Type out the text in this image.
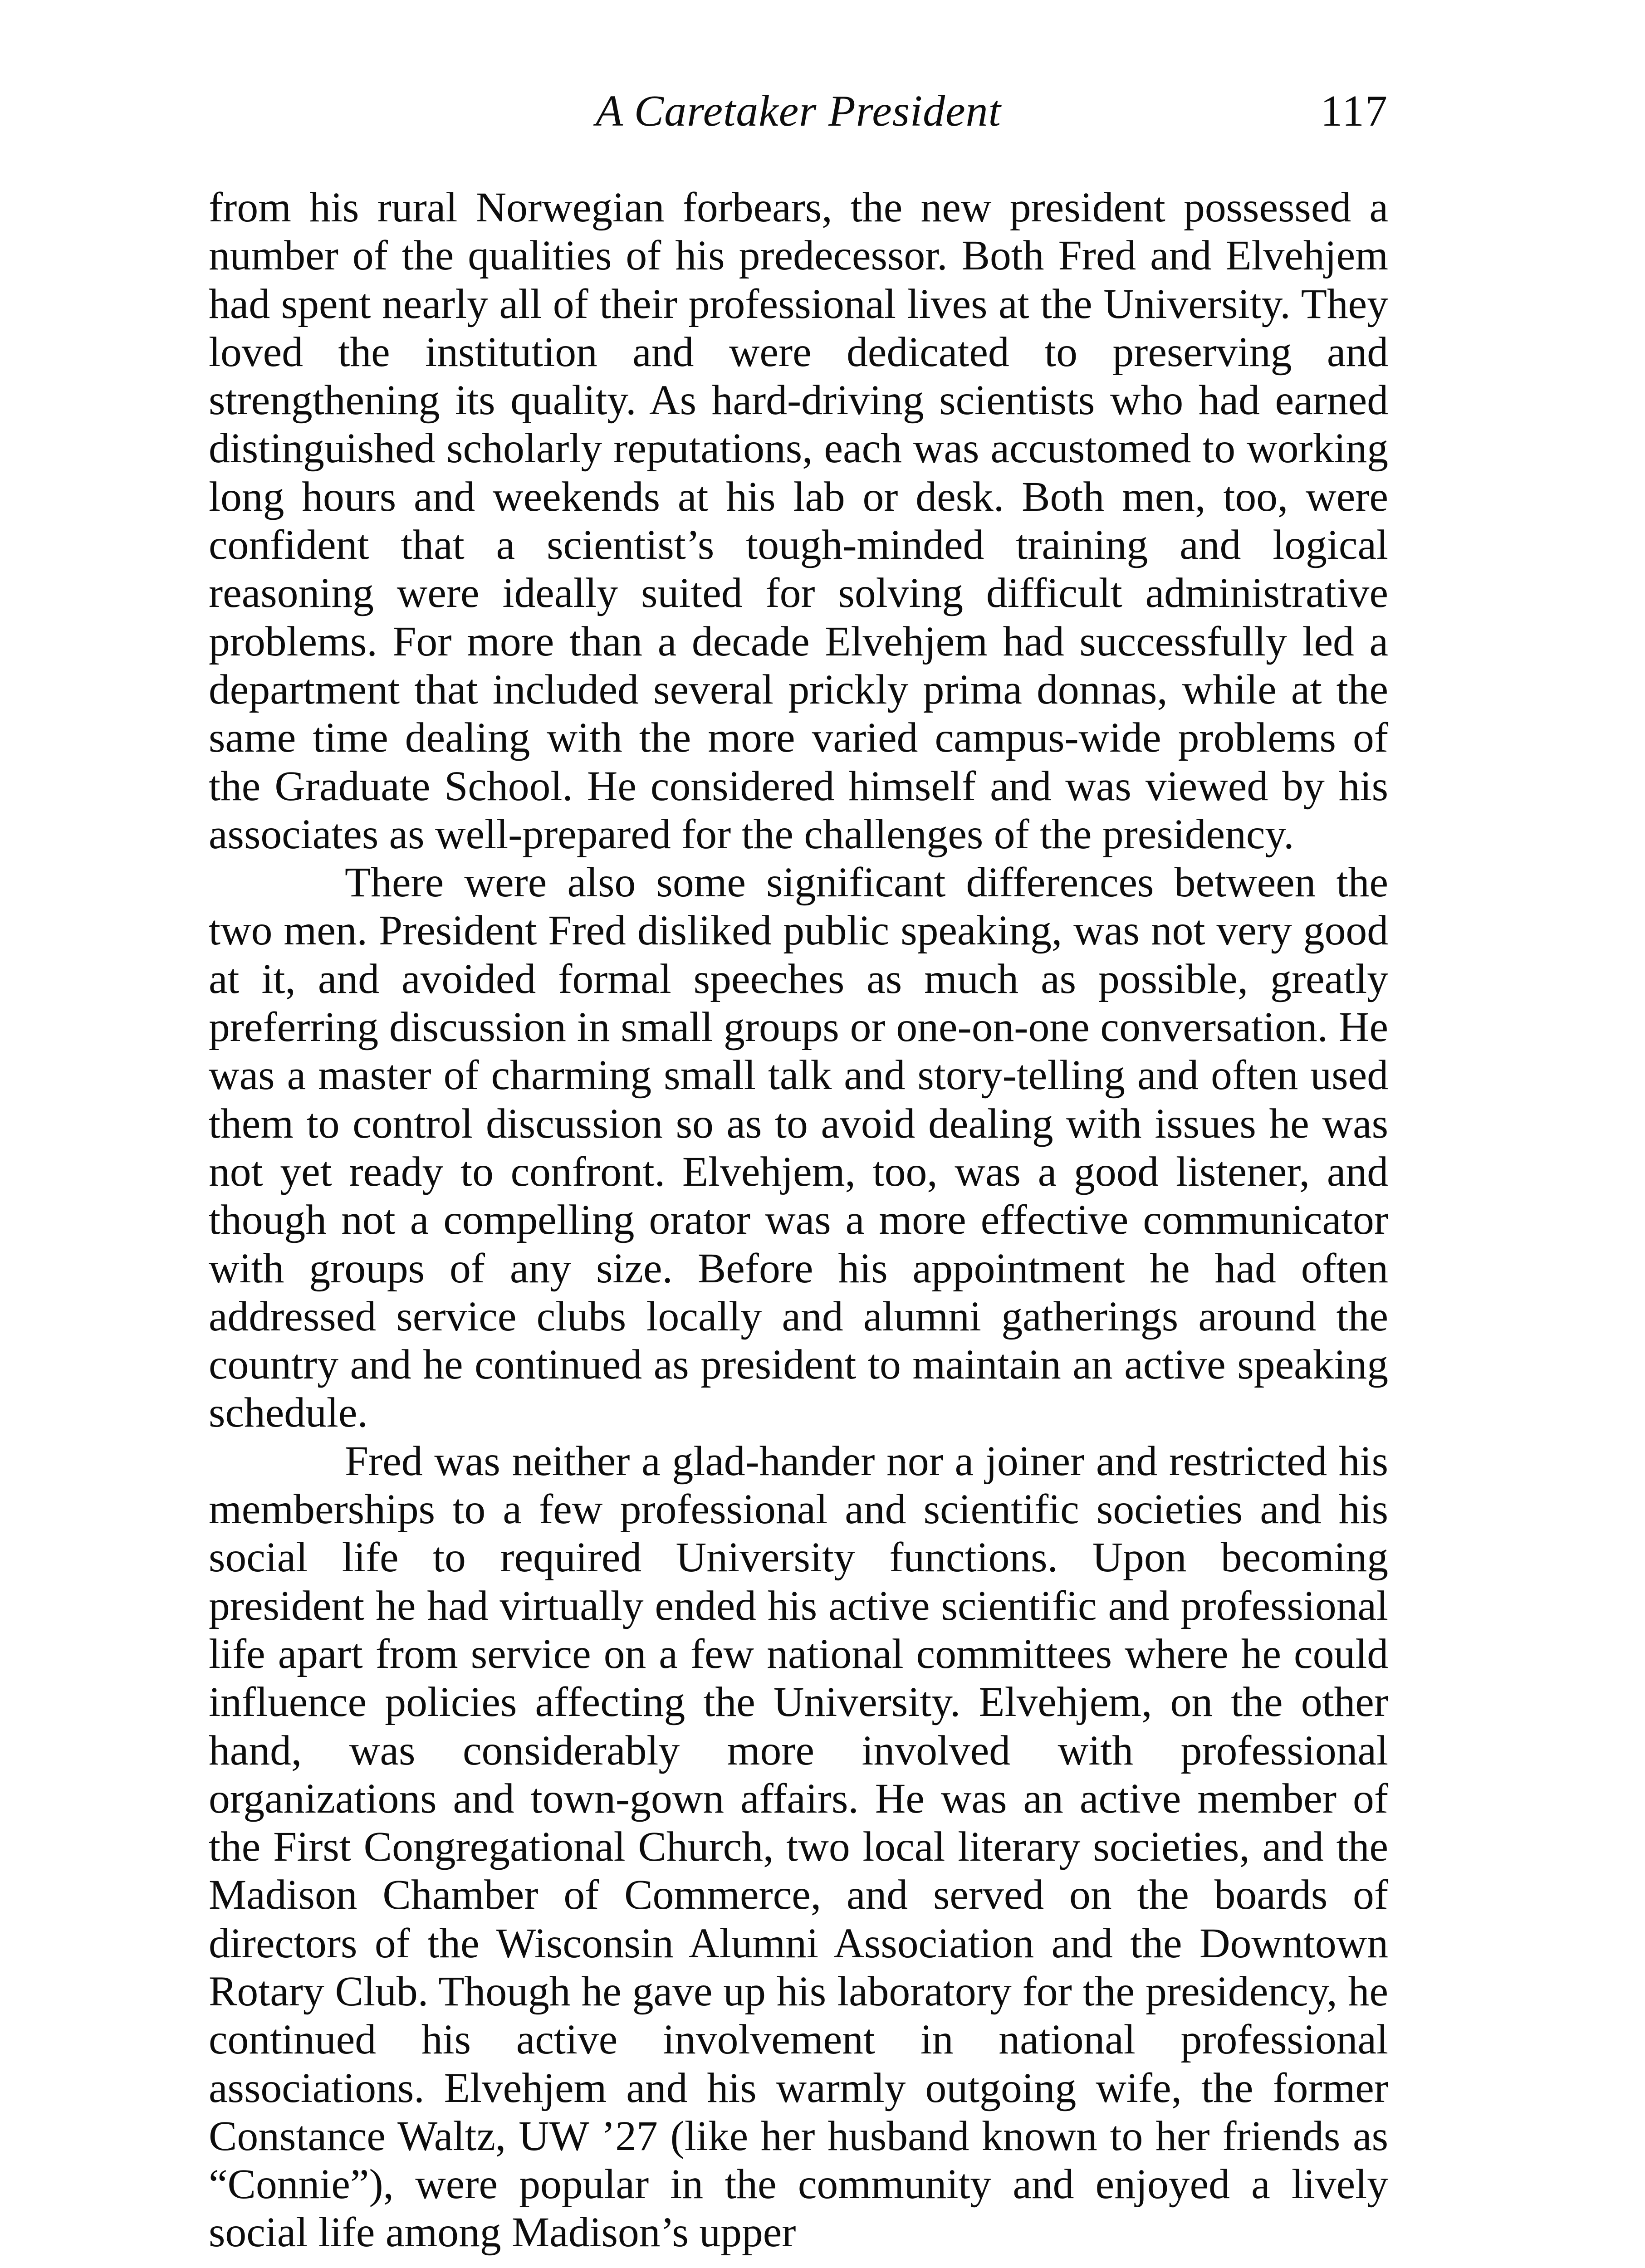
A Caretaker President	117

from his rural Norwegian forbears, the new president possessed a number of the qualities of his predecessor. Both Fred and Elvehjem had spent nearly all of their professional lives at the University. They loved the institution and were dedicated to preserving and strengthening its quality. As hard-driving scientists who had earned distinguished scholarly reputations, each was accustomed to working long hours and weekends at his lab or desk. Both men, too, were confident that a scientist’s tough-minded training and logical reasoning were ideally suited for solving difficult administrative problems. For more than a decade Elvehjem had successfully led a department that included several prickly prima donnas, while at the same time dealing with the more varied campus-wide problems of the Graduate School. He considered himself and was viewed by his associates as well-prepared for the challenges of the presidency.

There were also some significant differences between the two men. President Fred disliked public speaking, was not very good at it, and avoided formal speeches as much as possible, greatly preferring discussion in small groups or one-on-one conversation. He was a master of charming small talk and story-telling and often used them to control discussion so as to avoid dealing with issues he was not yet ready to confront. Elvehjem, too, was a good listener, and though not a compelling orator was a more effective communicator with groups of any size. Before his appointment he had often addressed service clubs locally and alumni gatherings around the country and he continued as president to maintain an active speaking schedule.

Fred was neither a glad-hander nor a joiner and restricted his memberships to a few professional and scientific societies and his social life to required University functions. Upon becoming president he had virtually ended his active scientific and professional life apart from service on a few national committees where he could influence policies affecting the University. Elvehjem, on the other hand, was considerably more involved with professional organizations and town-gown affairs. He was an active member of the First Congregational Church, two local literary societies, and the Madison Chamber of Commerce, and served on the boards of directors of the Wisconsin Alumni Association and the Downtown Rotary Club. Though he gave up his laboratory for the presidency, he continued his active involvement in national professional associations. Elvehjem and his warmly outgoing wife, the former Constance Waltz, UW ’27 (like her husband known to her friends as “Connie”), were popular in the community and enjoyed a lively social life among Madison’s upper
